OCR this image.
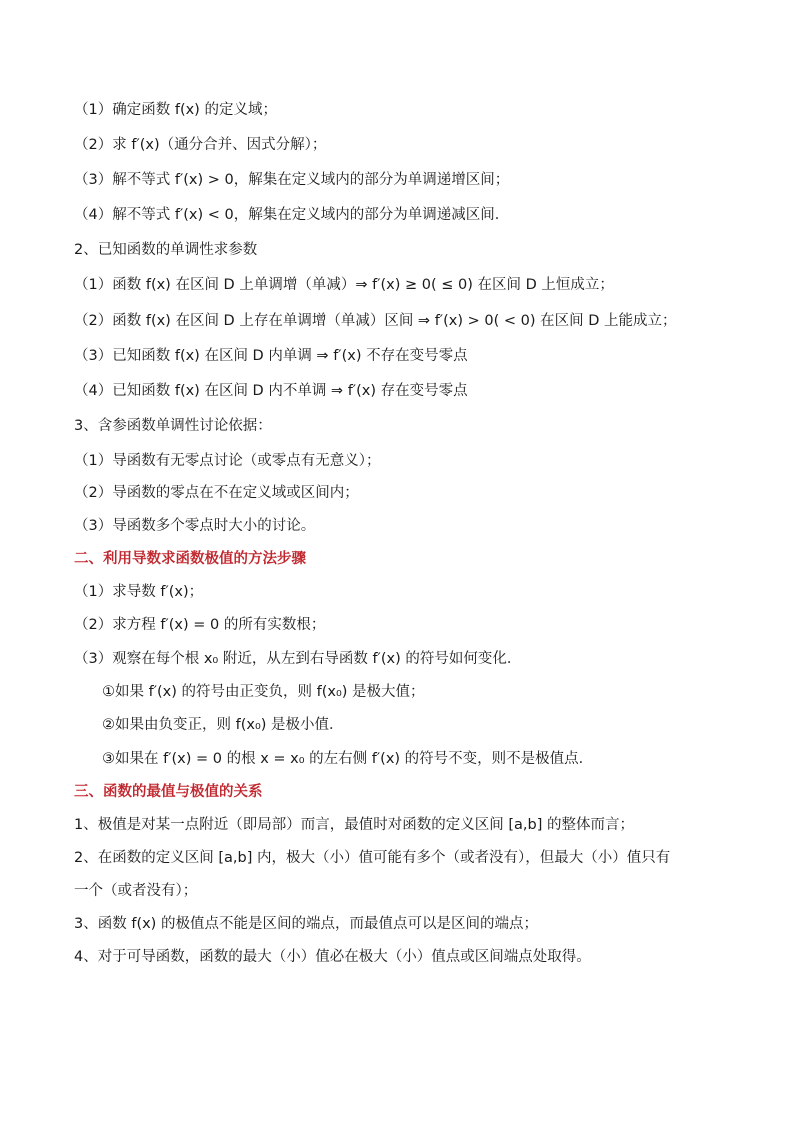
（1）确定函数 f(x) 的定义域；
（2）求 f′(x)（通分合并、因式分解）；
（3）解不等式 f′(x) > 0，解集在定义域内的部分为单调递增区间；
（4）解不等式 f′(x) < 0，解集在定义域内的部分为单调递减区间．
2、已知函数的单调性求参数
（1）函数 f(x) 在区间 D 上单调增（单减）⇒ f′(x) ≥ 0( ≤ 0) 在区间 D 上恒成立；
（2）函数 f(x) 在区间 D 上存在单调增（单减）区间 ⇒ f′(x) > 0( < 0) 在区间 D 上能成立；
（3）已知函数 f(x) 在区间 D 内单调 ⇒ f′(x) 不存在变号零点
（4）已知函数 f(x) 在区间 D 内不单调 ⇒ f′(x) 存在变号零点
3、含参函数单调性讨论依据：
（1）导函数有无零点讨论（或零点有无意义）；
（2）导函数的零点在不在定义域或区间内；
（3）导函数多个零点时大小的讨论。
二、利用导数求函数极值的方法步骤
（1）求导数 f′(x)；
（2）求方程 f′(x) = 0 的所有实数根；
（3）观察在每个根 x₀ 附近，从左到右导函数 f′(x) 的符号如何变化．
①如果 f′(x) 的符号由正变负，则 f(x₀) 是极大值；
②如果由负变正，则 f(x₀) 是极小值．
③如果在 f′(x) = 0 的根 x = x₀ 的左右侧 f′(x) 的符号不变，则不是极值点．
三、函数的最值与极值的关系
1、极值是对某一点附近（即局部）而言，最值时对函数的定义区间 [a,b] 的整体而言；
2、在函数的定义区间 [a,b] 内，极大（小）值可能有多个（或者没有），但最大（小）值只有
一个（或者没有）；
3、函数 f(x) 的极值点不能是区间的端点，而最值点可以是区间的端点；
4、对于可导函数，函数的最大（小）值必在极大（小）值点或区间端点处取得。
